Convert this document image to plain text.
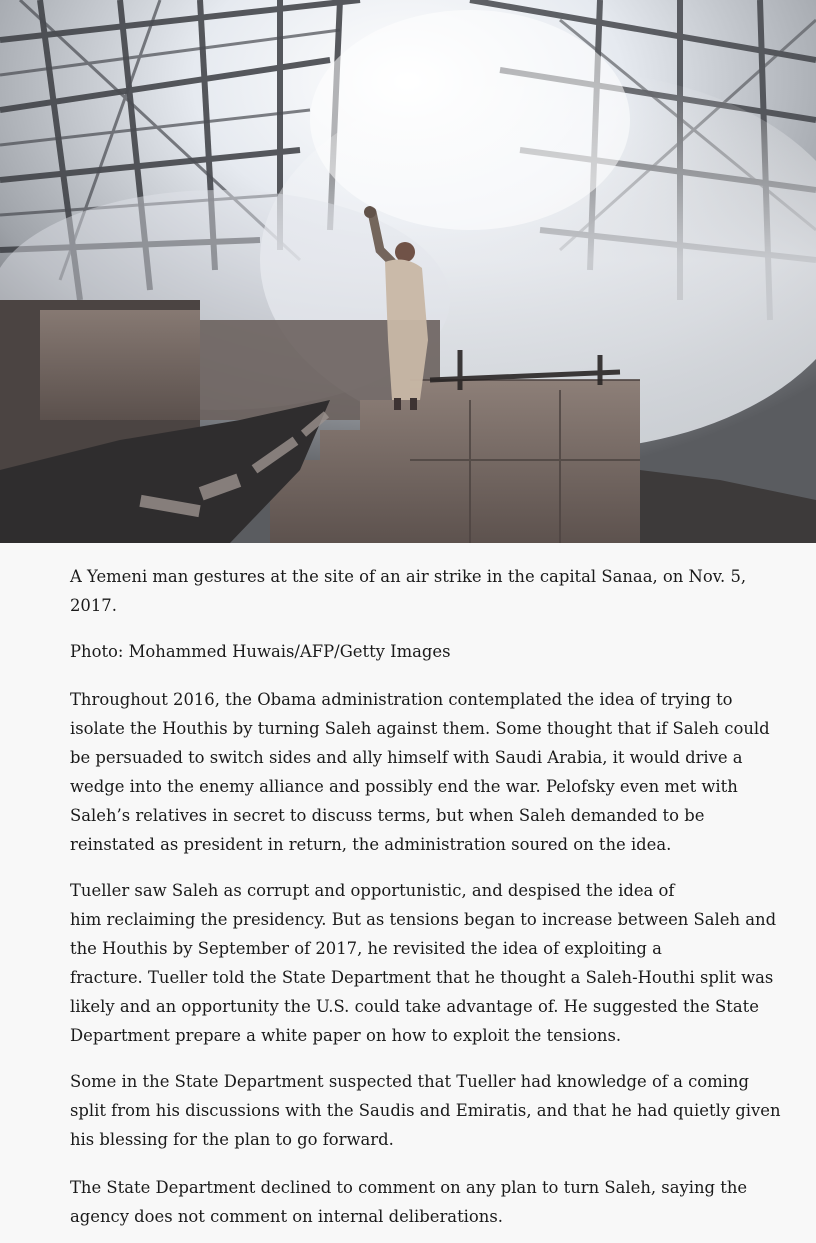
A Yemeni man gestures at the site of an air strike in the capital Sanaa, on Nov. 5,
2017.
Photo: Mohammed Huwais/AFP/Getty Images
Throughout 2016, the Obama administration contemplated the idea of trying to
isolate the Houthis by turning Saleh against them. Some thought that if Saleh could
be persuaded to switch sides and ally himself with Saudi Arabia, it would drive a
wedge into the enemy alliance and possibly end the war. Pelofsky even met with
Saleh’s relatives in secret to discuss terms, but when Saleh demanded to be
reinstated as president in return, the administration soured on the idea.
Tueller saw Saleh as corrupt and opportunistic, and despised the idea of
him reclaiming the presidency. But as tensions began to increase between Saleh and
the Houthis by September of 2017, he revisited the idea of exploiting a
fracture. Tueller told the State Department that he thought a Saleh-Houthi split was
likely and an opportunity the U.S. could take advantage of. He suggested the State
Department prepare a white paper on how to exploit the tensions.
Some in the State Department suspected that Tueller had knowledge of a coming
split from his discussions with the Saudis and Emiratis, and that he had quietly given
his blessing for the plan to go forward.
The State Department declined to comment on any plan to turn Saleh, saying the
agency does not comment on internal deliberations.
